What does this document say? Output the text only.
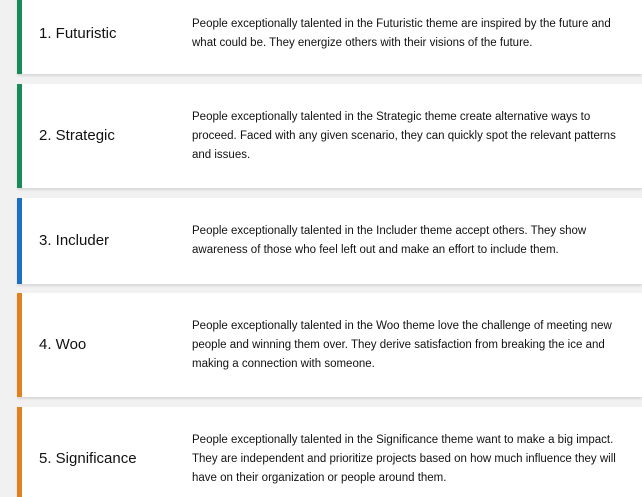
1. Futuristic
People exceptionally talented in the Futuristic theme are inspired by the future and what could be. They energize others with their visions of the future.
2. Strategic
People exceptionally talented in the Strategic theme create alternative ways to proceed. Faced with any given scenario, they can quickly spot the relevant patterns and issues.
3. Includer
People exceptionally talented in the Includer theme accept others. They show awareness of those who feel left out and make an effort to include them.
4. Woo
People exceptionally talented in the Woo theme love the challenge of meeting new people and winning them over. They derive satisfaction from breaking the ice and making a connection with someone.
5. Significance
People exceptionally talented in the Significance theme want to make a big impact. They are independent and prioritize projects based on how much influence they will have on their organization or people around them.
